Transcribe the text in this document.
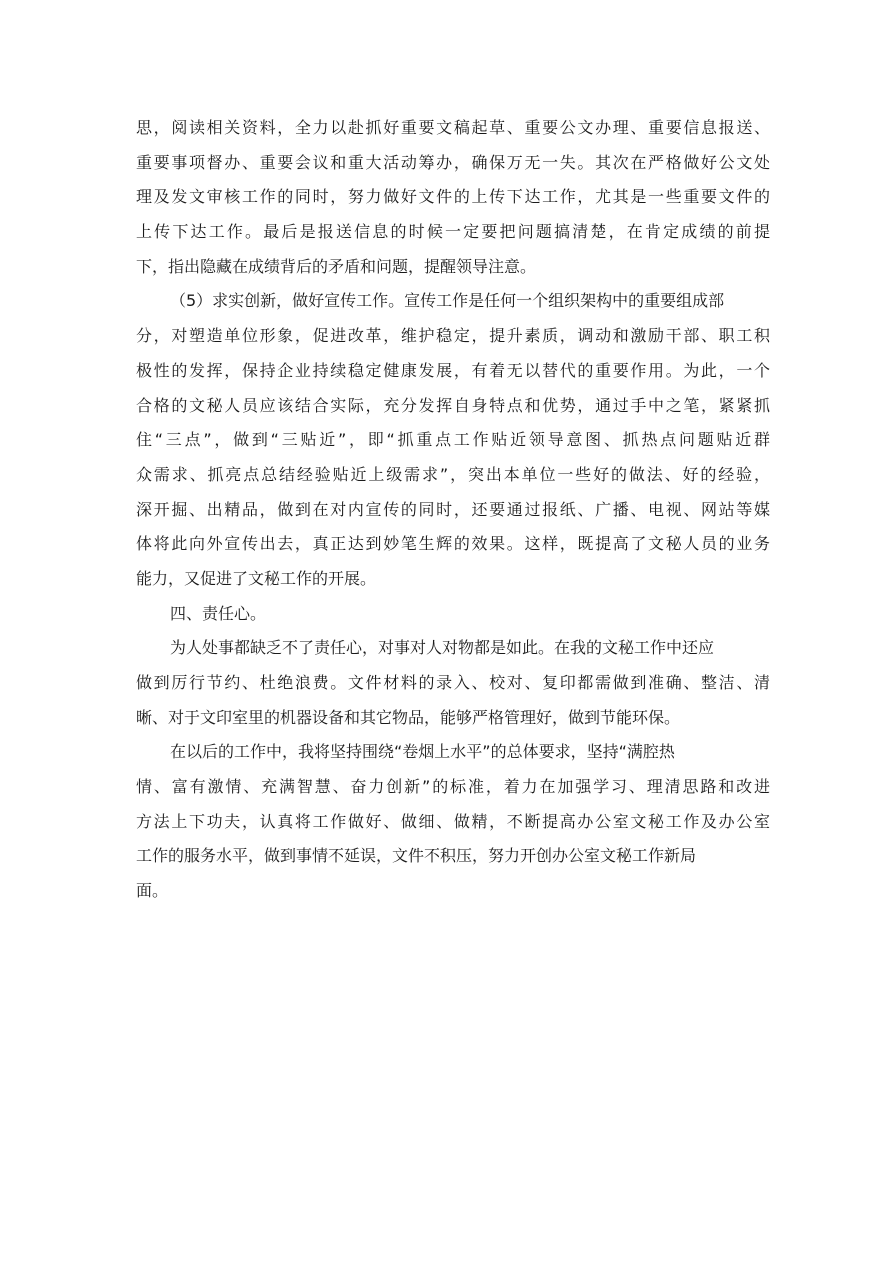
思，阅读相关资料，全力以赴抓好重要文稿起草、重要公文办理、重要信息报送、
重要事项督办、重要会议和重大活动筹办，确保万无一失。其次在严格做好公文处
理及发文审核工作的同时，努力做好文件的上传下达工作，尤其是一些重要文件的
上传下达工作。最后是报送信息的时候一定要把问题搞清楚，在肯定成绩的前提
下，指出隐藏在成绩背后的矛盾和问题，提醒领导注意。
（5）求实创新，做好宣传工作。宣传工作是任何一个组织架构中的重要组成部
分，对塑造单位形象，促进改革，维护稳定，提升素质，调动和激励干部、职工积
极性的发挥，保持企业持续稳定健康发展，有着无以替代的重要作用。为此，一个
合格的文秘人员应该结合实际，充分发挥自身特点和优势，通过手中之笔，紧紧抓
住“三点”，做到“三贴近”，即“抓重点工作贴近领导意图、抓热点问题贴近群
众需求、抓亮点总结经验贴近上级需求”，突出本单位一些好的做法、好的经验，
深开掘、出精品，做到在对内宣传的同时，还要通过报纸、广播、电视、网站等媒
体将此向外宣传出去，真正达到妙笔生辉的效果。这样，既提高了文秘人员的业务
能力，又促进了文秘工作的开展。
四、责任心。
为人处事都缺乏不了责任心，对事对人对物都是如此。在我的文秘工作中还应
做到厉行节约、杜绝浪费。文件材料的录入、校对、复印都需做到准确、整洁、清
晰、对于文印室里的机器设备和其它物品，能够严格管理好，做到节能环保。
在以后的工作中，我将坚持围绕“卷烟上水平”的总体要求，坚持“满腔热
情、富有激情、充满智慧、奋力创新”的标准，着力在加强学习、理清思路和改进
方法上下功夫，认真将工作做好、做细、做精，不断提高办公室文秘工作及办公室
工作的服务水平，做到事情不延误，文件不积压，努力开创办公室文秘工作新局
面。
